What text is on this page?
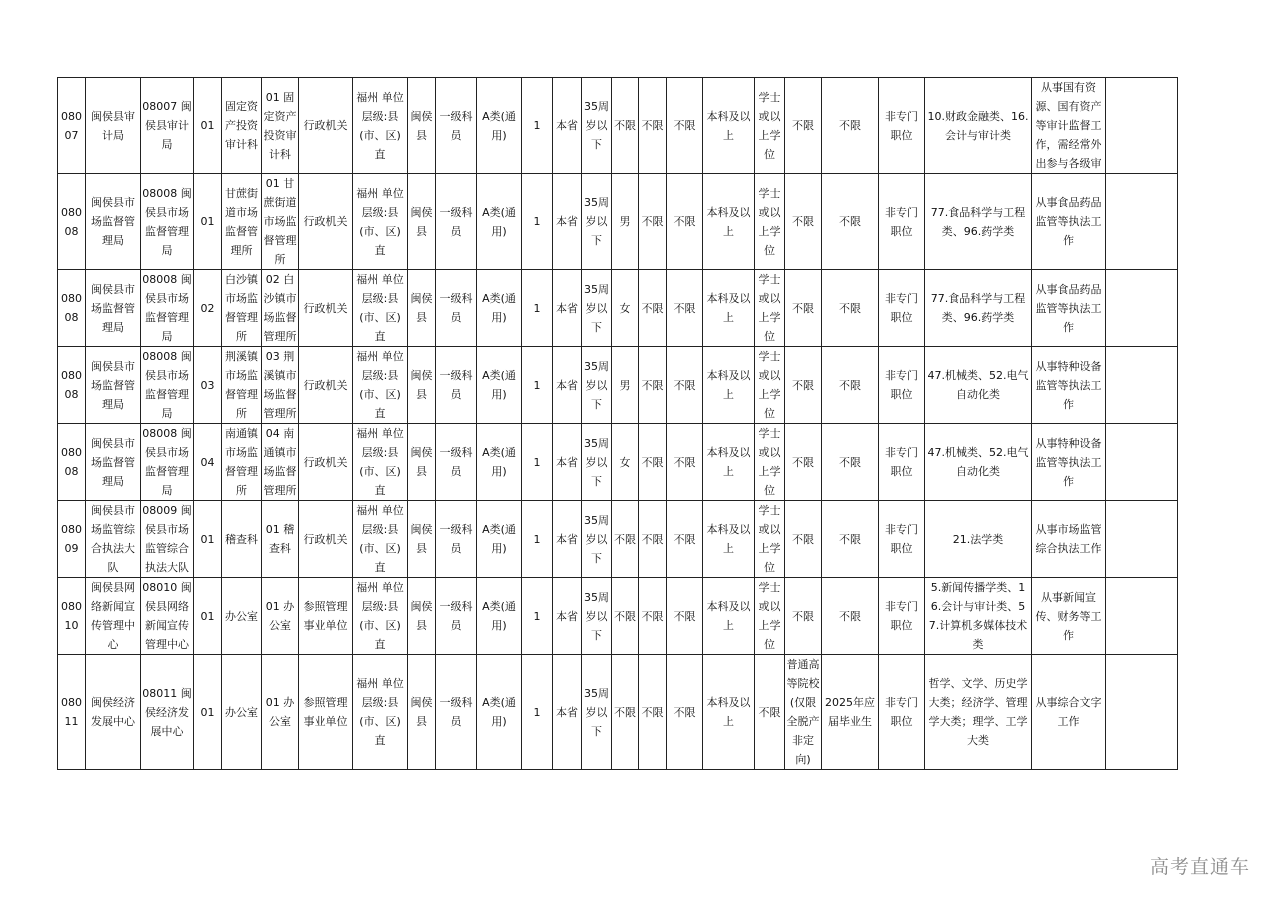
08007	闽侯县审计局	08007 闽侯县审计局	01	固定资产投资审计科	01 固定资产投资审计科	行政机关	福州 单位层级:县(市、区)直	闽侯县	一级科员	A类(通用)	1	本省	35周岁以下	不限	不限	不限	本科及以上	学士或以上学位	不限	不限	非专门职位	10.财政金融类、16.会计与审计类	从事国有资源、国有资产等审计监督工作，需经常外出参与各级审	
08008	闽侯县市场监督管理局	08008 闽侯县市场监督管理局	01	甘蔗街道市场监督管理所	01 甘蔗街道市场监督管理所	行政机关	福州 单位层级:县(市、区)直	闽侯县	一级科员	A类(通用)	1	本省	35周岁以下	男	不限	不限	本科及以上	学士或以上学位	不限	不限	非专门职位	77.食品科学与工程类、96.药学类	从事食品药品监管等执法工作	
08008	闽侯县市场监督管理局	08008 闽侯县市场监督管理局	02	白沙镇市场监督管理所	02 白沙镇市场监督管理所	行政机关	福州 单位层级:县(市、区)直	闽侯县	一级科员	A类(通用)	1	本省	35周岁以下	女	不限	不限	本科及以上	学士或以上学位	不限	不限	非专门职位	77.食品科学与工程类、96.药学类	从事食品药品监管等执法工作	
08008	闽侯县市场监督管理局	08008 闽侯县市场监督管理局	03	荆溪镇市场监督管理所	03 荆溪镇市场监督管理所	行政机关	福州 单位层级:县(市、区)直	闽侯县	一级科员	A类(通用)	1	本省	35周岁以下	男	不限	不限	本科及以上	学士或以上学位	不限	不限	非专门职位	47.机械类、52.电气自动化类	从事特种设备监管等执法工作	
08008	闽侯县市场监督管理局	08008 闽侯县市场监督管理局	04	南通镇市场监督管理所	04 南通镇市场监督管理所	行政机关	福州 单位层级:县(市、区)直	闽侯县	一级科员	A类(通用)	1	本省	35周岁以下	女	不限	不限	本科及以上	学士或以上学位	不限	不限	非专门职位	47.机械类、52.电气自动化类	从事特种设备监管等执法工作	
08009	闽侯县市场监管综合执法大队	08009 闽侯县市场监管综合执法大队	01	稽查科	01 稽查科	行政机关	福州 单位层级:县(市、区)直	闽侯县	一级科员	A类(通用)	1	本省	35周岁以下	不限	不限	不限	本科及以上	学士或以上学位	不限	不限	非专门职位	21.法学类	从事市场监管综合执法工作	
08010	闽侯县网络新闻宣传管理中心	08010 闽侯县网络新闻宣传管理中心	01	办公室	01 办公室	参照管理事业单位	福州 单位层级:县(市、区)直	闽侯县	一级科员	A类(通用)	1	本省	35周岁以下	不限	不限	不限	本科及以上	学士或以上学位	不限	不限	非专门职位	5.新闻传播学类、16.会计与审计类、57.计算机多媒体技术类	从事新闻宣传、财务等工作	
08011	闽侯经济发展中心	08011 闽侯经济发展中心	01	办公室	01 办公室	参照管理事业单位	福州 单位层级:县(市、区)直	闽侯县	一级科员	A类(通用)	1	本省	35周岁以下	不限	不限	不限	本科及以上	不限	普通高等院校(仅限全脱产非定向)	2025年应届毕业生	非专门职位	哲学、文学、历史学大类；经济学、管理学大类；理学、工学大类	从事综合文字工作	
高考直通车
